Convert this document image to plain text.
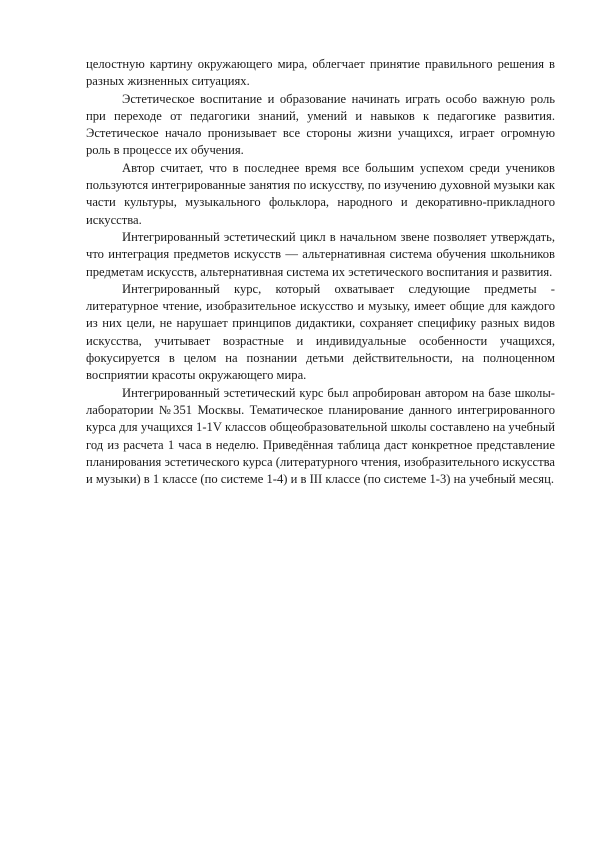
целостную картину окружающего мира, облегчает принятие правильного решения в разных жизненных ситуациях.

Эстетическое воспитание и образование начинать играть особо важную роль при переходе от педагогики знаний, умений и навыков к педагогике развития. Эстетическое начало пронизывает все стороны жизни учащихся, играет огромную роль в процессе их обучения.

Автор считает, что в последнее время все большим успехом среди учеников пользуются интегрированные занятия по искусству, по изучению духовной музыки как части культуры, музыкального фольклора, народного и декоративно-прикладного искусства.

Интегрированный эстетический цикл в начальном звене позволяет утверждать, что интеграция предметов искусств — альтернативная система обучения школьников предметам искусств, альтернативная система их эстетического воспитания и развития.

Интегрированный курс, который охватывает следующие предметы - литературное чтение, изобразительное искусство и музыку, имеет общие для каждого из них цели, не нарушает принципов дидактики, сохраняет специфику разных видов искусства, учитывает возрастные и индивидуальные особенности учащихся, фокусируется в целом на познании детьми действительности, на полноценном восприятии красоты окружающего мира.

Интегрированный эстетический курс был апробирован автором на базе школы-лаборатории №351 Москвы. Тематическое планирование данного интегрированного курса для учащихся 1-1V классов общеобразовательной школы составлено на учебный год из расчета 1 часа в неделю. Приведённая таблица даст конкретное представление планирования эстетического курса (литературного чтения, изобразительного искусства и музыки) в 1 классе (по системе 1-4) и в III классе (по системе 1-3) на учебный месяц.
